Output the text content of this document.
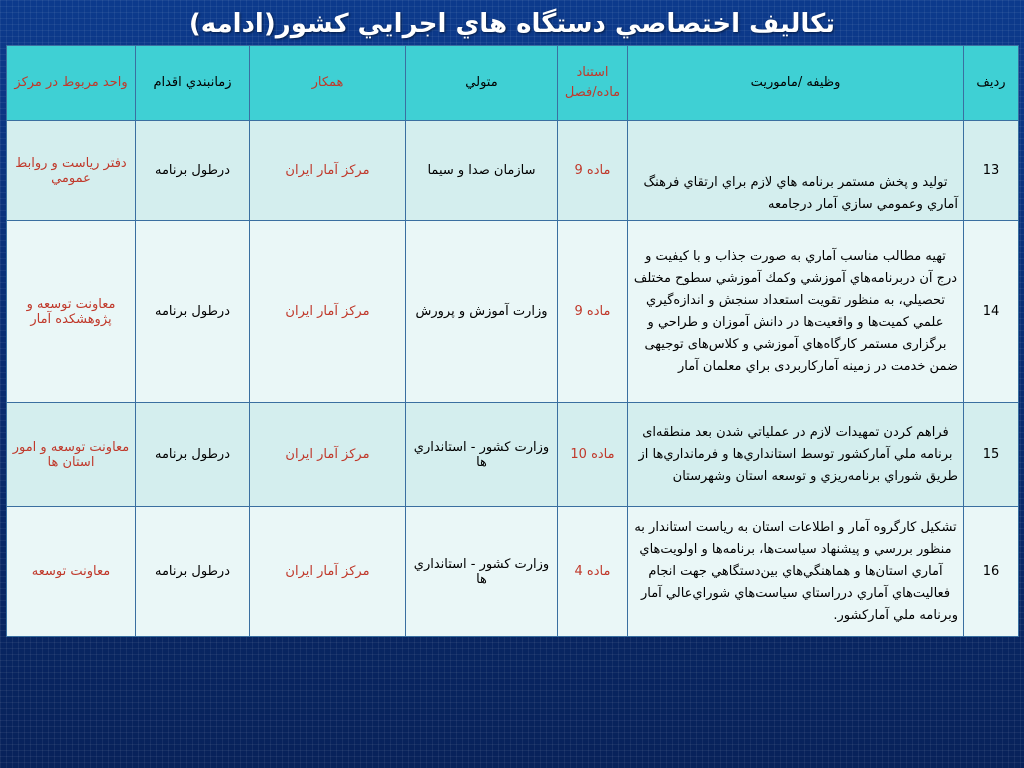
تكاليف اختصاصي دستگاه هاي اجرايي كشور(ادامه)
رديف	وظيفه /ماموريت	استناد ماده/فصل	متولي	همكار	زمانبندي اقدام	واحد مربوط در مركز
13	توليد و پخش مستمر برنامه هاي لازم براي ارتقاي فرهنگ آماري وعمومي سازي آمار درجامعه	ماده 9	سازمان صدا و سيما	مركز آمار ايران	درطول برنامه	دفتر رياست و روابط عمومي
14	تهيه مطالب مناسب آماري به صورت جذاب و با كيفيت و درج آن دربرنامه‌هاي آموزشي وكمك آموزشي سطوح مختلف تحصيلي، به منظور تقويت استعداد سنجش و اندازه‌گيري علمي كميت‌ها و واقعيت‌ها در دانش آموزان و طراحي و برگزاری مستمر كارگاه‌هاي آموزشي و كلاس‌های توجيهی ضمن خدمت در زمينه آماركاربردی براي معلمان آمار	ماده 9	وزارت آموزش و پرورش	مركز آمار ايران	درطول برنامه	معاونت توسعه و پژوهشكده آمار
15	فراهم كردن تمهيدات لازم در عملياتي شدن بعد منطقه‌ای برنامه ملي آماركشور توسط استانداري‌ها و فرمانداري‌ها از طريق شوراي برنامه‌ريزي و توسعه استان وشهرستان	ماده 10	وزارت كشور - استانداري ها	مركز آمار ايران	درطول برنامه	معاونت توسعه و امور استان ها
16	تشكيل كارگروه آمار و اطلاعات استان به رياست استاندار به منظور بررسي و پيشنهاد سياست‌ها، برنامه‌ها و اولويت‌هاي آماري استان‌ها و هماهنگي‌هاي بين‌دستگاهي جهت انجام فعاليت‌هاي آماري درراستاي سياست‌هاي شوراي‌عالي آمار وبرنامه ملي آماركشور.	ماده 4	وزارت كشور - استانداري ها	مركز آمار ايران	درطول برنامه	معاونت توسعه
